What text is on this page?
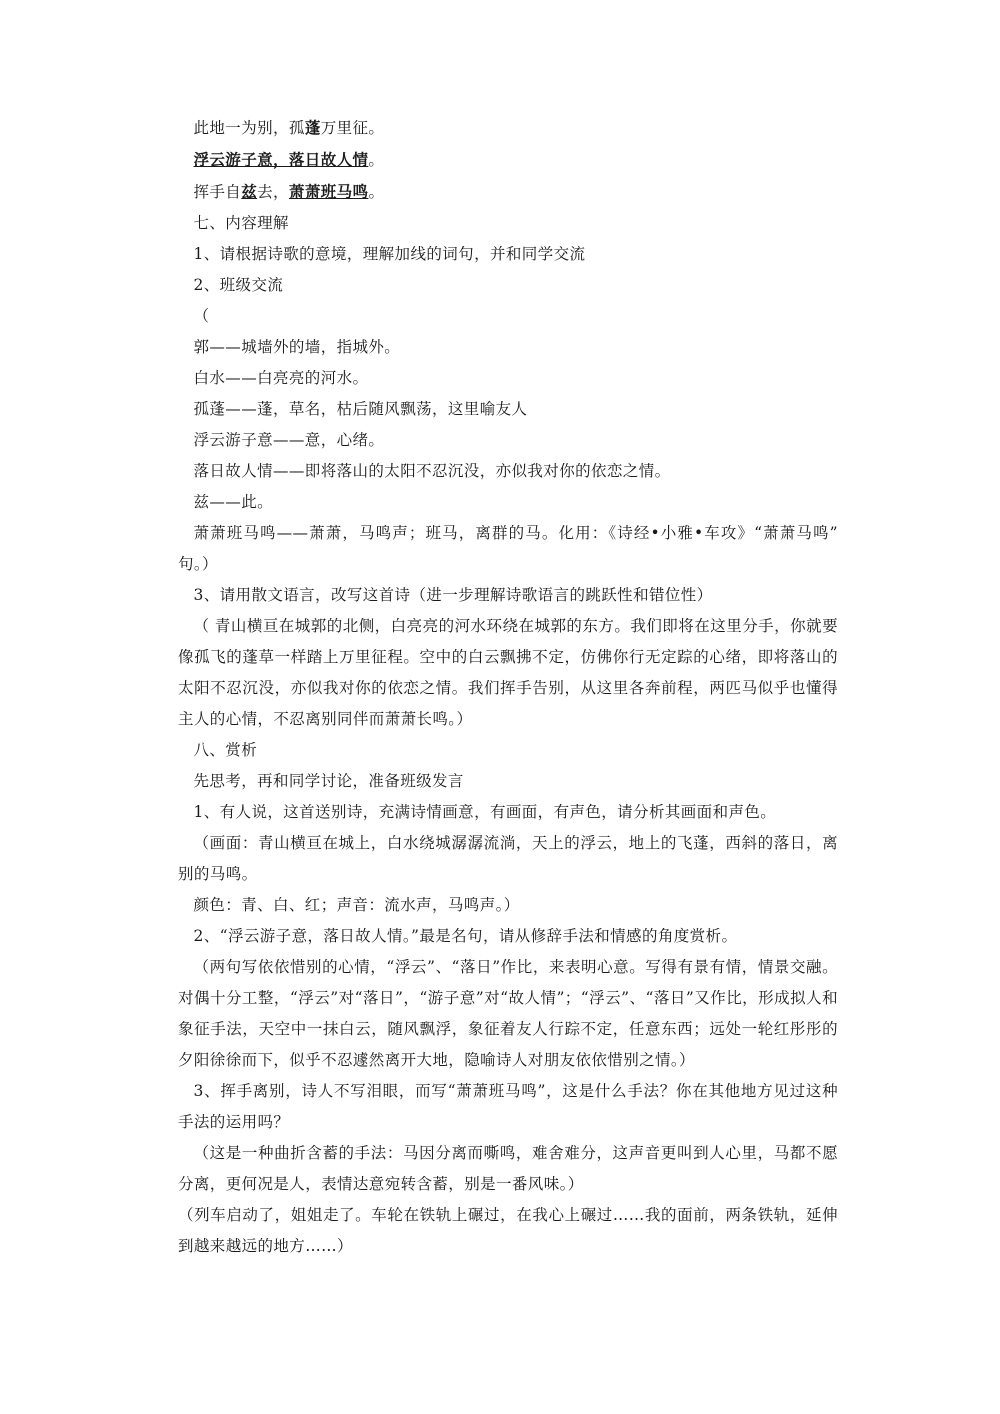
此地一为别，孤蓬万里征。

浮云游子意，落日故人情。

挥手自兹去，萧萧班马鸣。

七、内容理解

1、请根据诗歌的意境，理解加线的词句，并和同学交流

2、班级交流

（

郭——城墙外的墙，指城外。

白水——白亮亮的河水。

孤蓬——蓬，草名，枯后随风飘荡，这里喻友人

浮云游子意——意，心绪。

落日故人情——即将落山的太阳不忍沉没，亦似我对你的依恋之情。

兹——此。

萧萧班马鸣——萧萧，马鸣声；班马，离群的马。化用：《诗经•小雅•车攻》“萧萧马鸣” 句。）

3、请用散文语言，改写这首诗（进一步理解诗歌语言的跳跃性和错位性）

（ 青山横亘在城郭的北侧，白亮亮的河水环绕在城郭的东方。我们即将在这里分手，你就要像孤飞的蓬草一样踏上万里征程。空中的白云飘拂不定，仿佛你行无定踪的心绪，即将落山的太阳不忍沉没，亦似我对你的依恋之情。我们挥手告别，从这里各奔前程，两匹马似乎也懂得主人的心情，不忍离别同伴而萧萧长鸣。）

八、赏析

先思考，再和同学讨论，准备班级发言

1、有人说，这首送别诗，充满诗情画意，有画面，有声色，请分析其画面和声色。

（画面：青山横亘在城上，白水绕城潺潺流淌，天上的浮云，地上的飞蓬，西斜的落日，离别的马鸣。

颜色：青、白、红；声音：流水声，马鸣声。）

2、“浮云游子意，落日故人情。”最是名句，请从修辞手法和情感的角度赏析。

（两句写依依惜别的心情，“浮云”、“落日”作比，来表明心意。写得有景有情，情景交融。对偶十分工整，“浮云”对“落日”，“游子意”对“故人情”；“浮云”、“落日”又作比，形成拟人和象征手法，天空中一抹白云，随风飘浮，象征着友人行踪不定，任意东西；远处一轮红彤彤的夕阳徐徐而下，似乎不忍遽然离开大地，隐喻诗人对朋友依依惜别之情。）

3、挥手离别，诗人不写泪眼，而写“萧萧班马鸣”，这是什么手法？你在其他地方见过这种手法的运用吗？

（这是一种曲折含蓄的手法：马因分离而嘶鸣，难舍难分，这声音更叫到人心里，马都不愿分离，更何况是人，表情达意宛转含蓄，别是一番风味。）

（列车启动了，姐姐走了。车轮在铁轨上碾过，在我心上碾过……我的面前，两条铁轨，延伸到越来越远的地方……）
